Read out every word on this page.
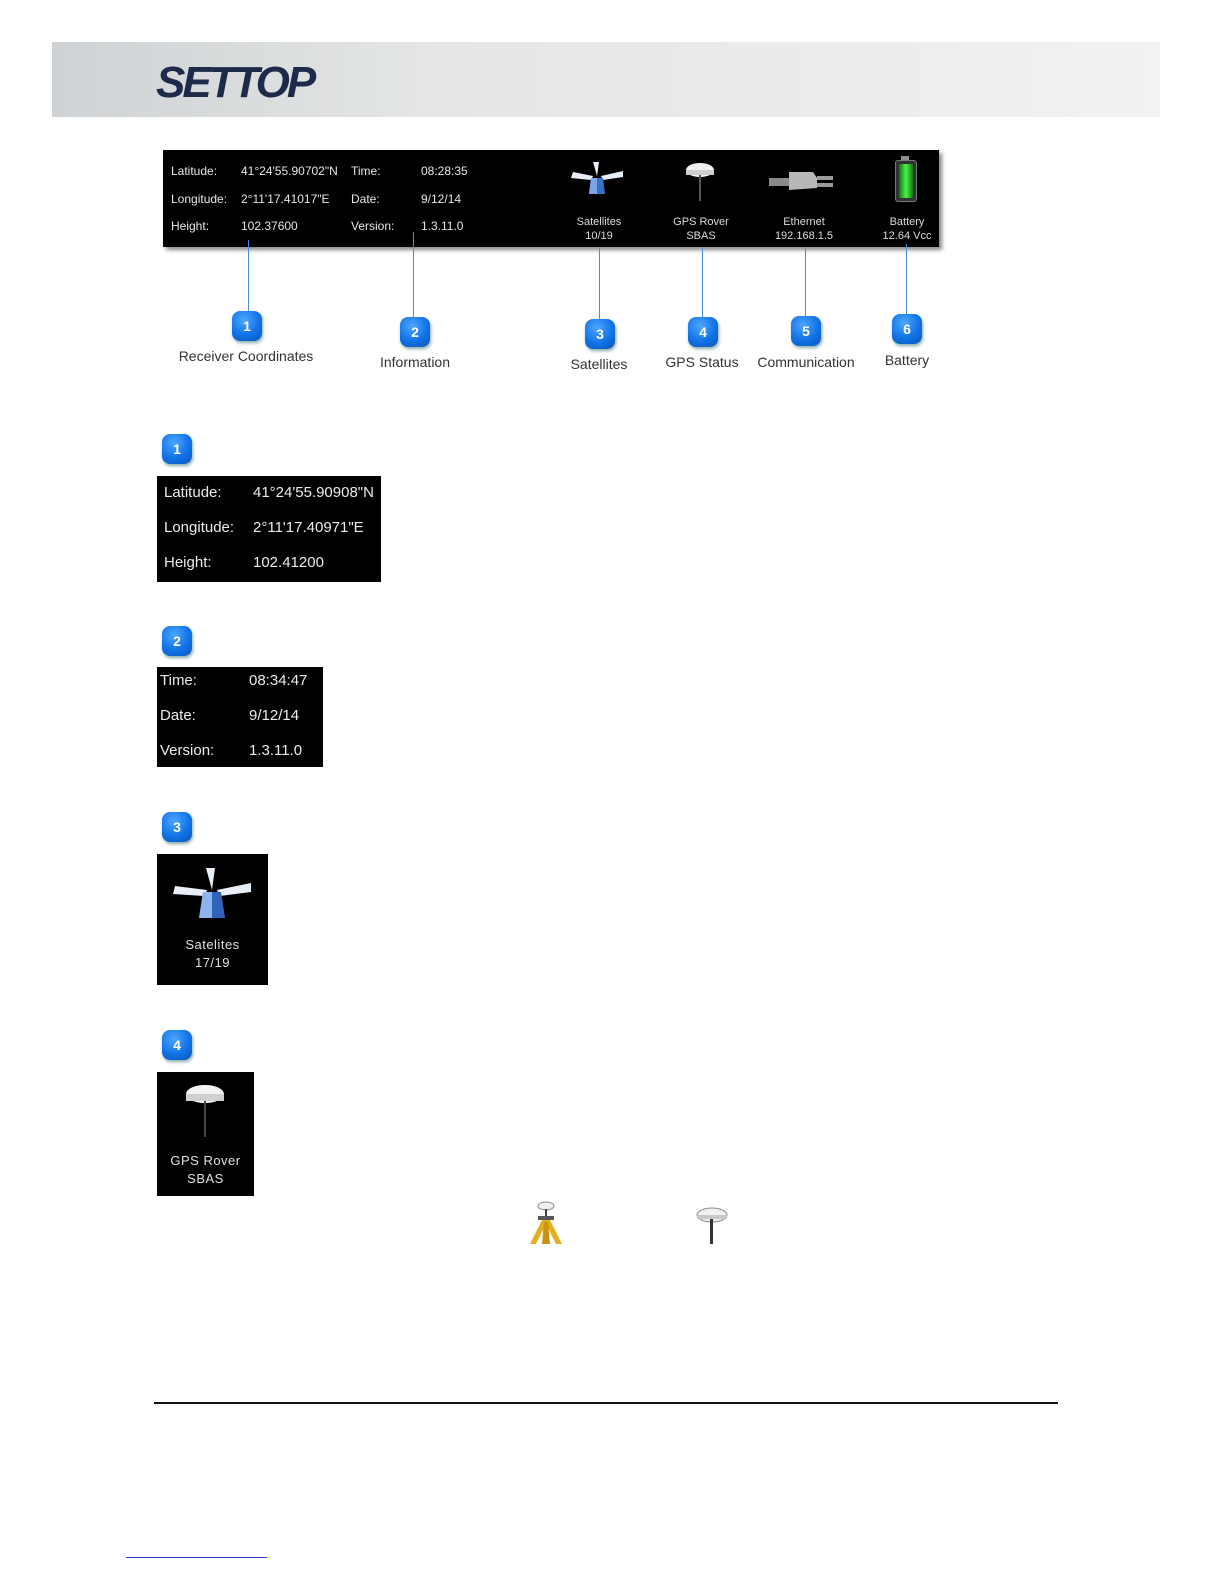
SETTOP
Latitude: 41°24'55.90702"N
Longitude: 2°11'17.41017"E
Height:	102.37600
Time:	08:28:35
Date:	9/12/14
Version: 1.3.11.0	Satellites
10/19
GPS Rover
SBAS
Ethernet
192.168.1.5
Battery
12.64 Vcc
1
Receiver Coordinates
2
Information
3
Satellites
4
GPS Status
5
Communication
6
Battery
1
Latitude: 41°24'55.90908"N
Longitude: 2°11'17.40971"E
Height:	102.41200
2
Time:	08:34:47
Date:	9/12/14
Version: 1.3.11.0
3
Satelites
17/19
4
GPS Rover
SBAS
